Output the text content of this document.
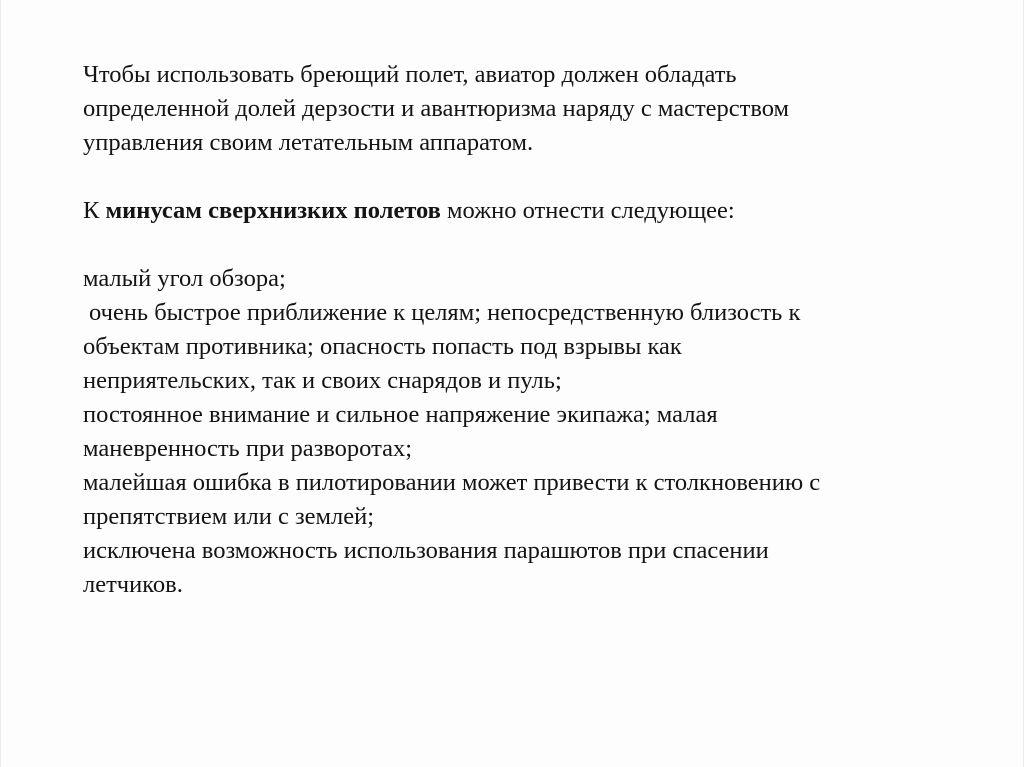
Чтобы использовать бреющий полет, авиатор должен обладать
определенной долей дерзости и авантюризма наряду с мастерством
управления своим летательным аппаратом.

К минусам сверхнизких полетов можно отнести следующее:

малый угол обзора;
очень быстрое приближение к целям; непосредственную близость к
объектам противника; опасность попасть под взрывы как
неприятельских, так и своих снарядов и пуль;
постоянное внимание и сильное напряжение экипажа; малая
маневренность при разворотах;
малейшая ошибка в пилотировании может привести к столкновению с
препятствием или с землей;
исключена возможность использования парашютов при спасении
летчиков.
